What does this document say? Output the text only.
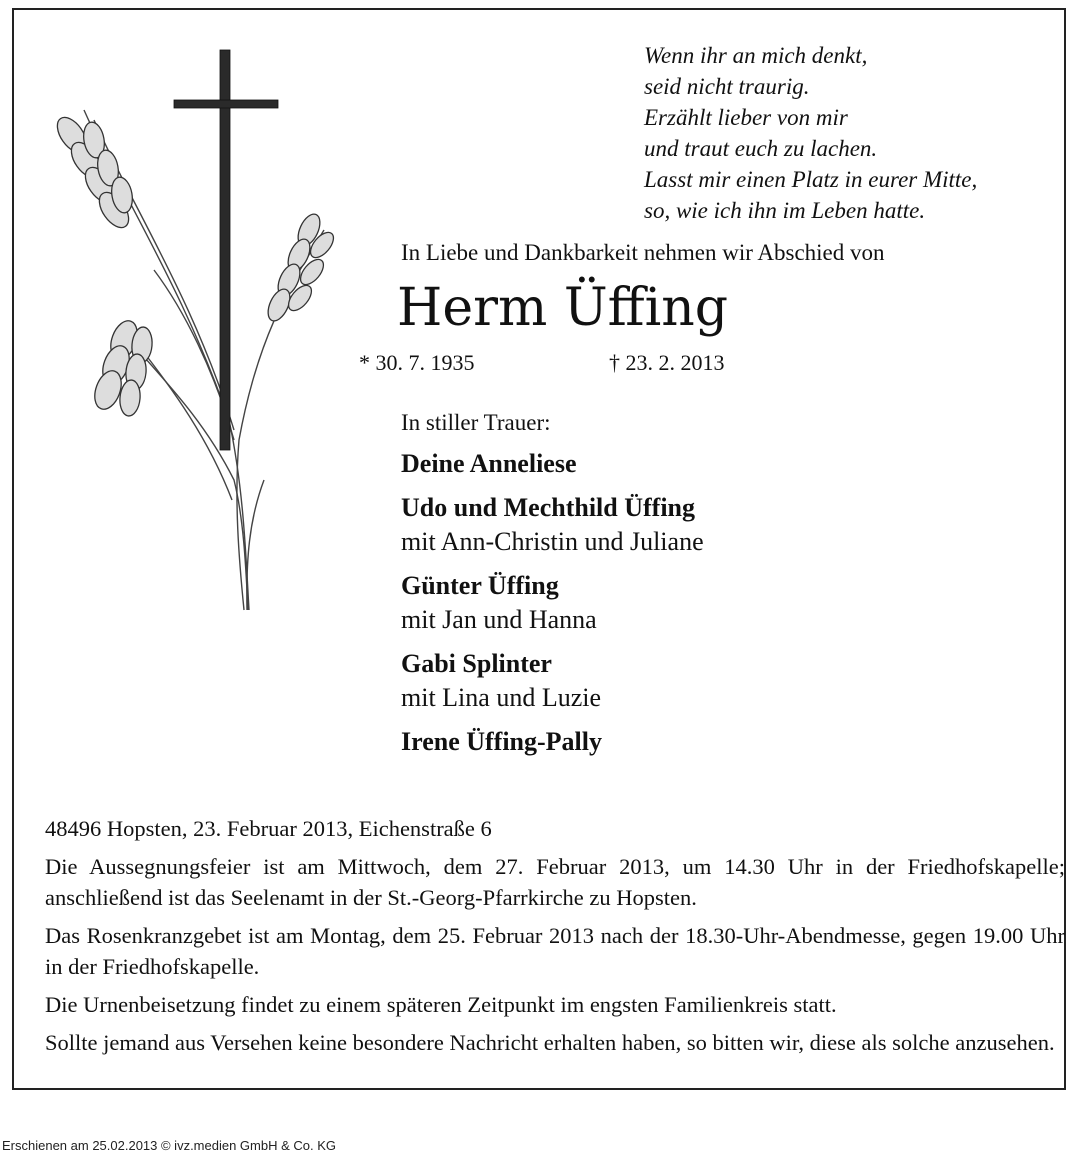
Wenn ihr an mich denkt,
seid nicht traurig.
Erzählt lieber von mir
und traut euch zu lachen.
Lasst mir einen Platz in eurer Mitte,
so, wie ich ihn im Leben hatte.
In Liebe und Dankbarkeit nehmen wir Abschied von
Herm Üffing
* 30. 7. 1935	† 23. 2. 2013
In stiller Trauer:
Deine Anneliese
Udo und Mechthild Üffing
mit Ann-Christin und Juliane
Günter Üffing
mit Jan und Hanna
Gabi Splinter
mit Lina und Luzie
Irene Üffing-Pally

48496 Hopsten, 23. Februar 2013, Eichenstraße 6

Die Aussegnungsfeier ist am Mittwoch, dem 27. Februar 2013, um 14.30 Uhr in der Friedhofskapelle; anschließend ist das Seelenamt in der St.-Georg-Pfarrkirche zu Hopsten.

Das Rosenkranzgebet ist am Montag, dem 25. Februar 2013 nach der 18.30-Uhr-Abendmesse, gegen 19.00 Uhr in der Friedhofskapelle.

Die Urnenbeisetzung findet zu einem späteren Zeitpunkt im engsten Familienkreis statt.

Sollte jemand aus Versehen keine besondere Nachricht erhalten haben, so bitten wir, diese als solche anzusehen.

Erschienen am 25.02.2013 © ivz.medien GmbH & Co. KG
